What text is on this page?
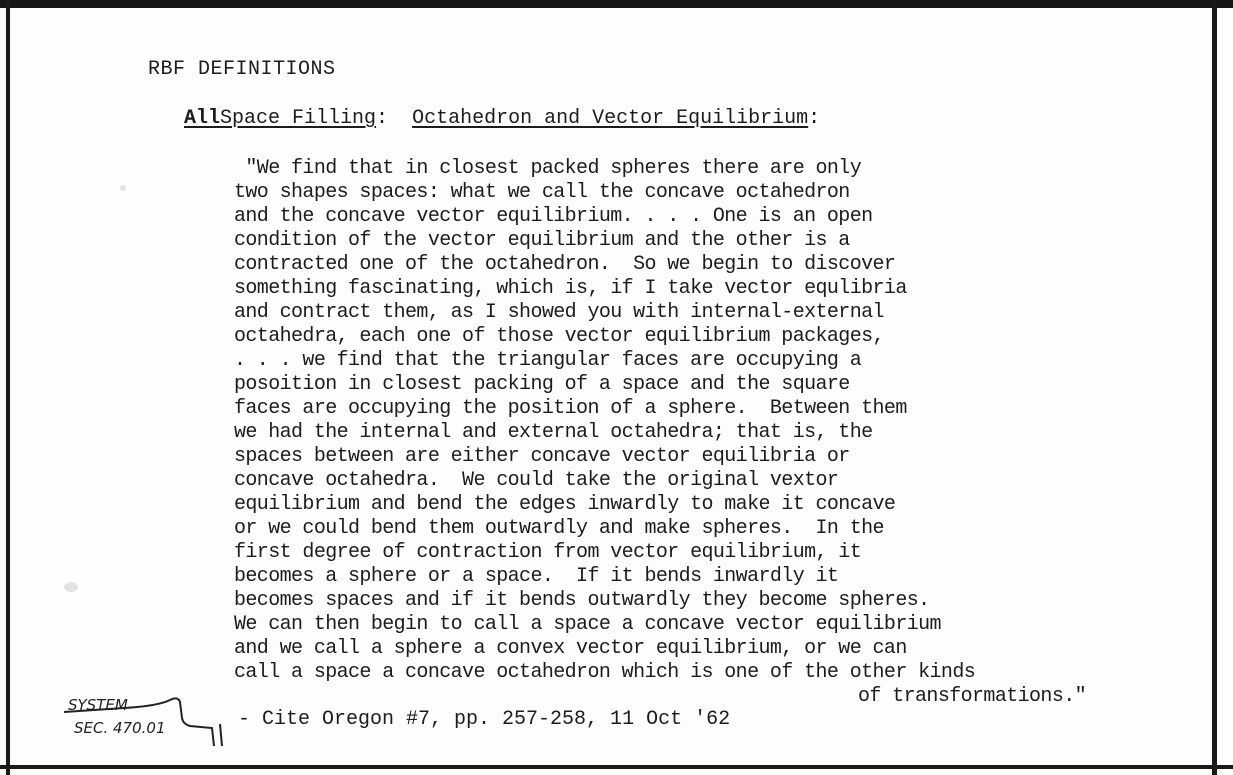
RBF DEFINITIONS
AllSpace Filling:  Octahedron and Vector Equilibrium:
"We find that in closest packed spheres there are only
two shapes spaces: what we call the concave octahedron
and the concave vector equilibrium. . . . One is an open
condition of the vector equilibrium and the other is a
contracted one of the octahedron.  So we begin to discover
something fascinating, which is, if I take vector equlibria
and contract them, as I showed you with internal-external
octahedra, each one of those vector equilibrium packages,
. . . we find that the triangular faces are occupying a
posoition in closest packing of a space and the square
faces are occupying the position of a sphere.  Between them
we had the internal and external octahedra; that is, the
spaces between are either concave vector equilibria or
concave octahedra.  We could take the original vextor
equilibrium and bend the edges inwardly to make it concave
or we could bend them outwardly and make spheres.  In the
first degree of contraction from vector equilibrium, it
becomes a sphere or a space.  If it bends inwardly it
becomes spaces and if it bends outwardly they become spheres.
We can then begin to call a space a concave vector equilibrium
and we call a sphere a convex vector equilibrium, or we can
call a space a concave octahedron which is one of the other kinds
of transformations."
SYSTEM
SEC. 470.01	- Cite Oregon #7, pp. 257-258, 11 Oct '62
